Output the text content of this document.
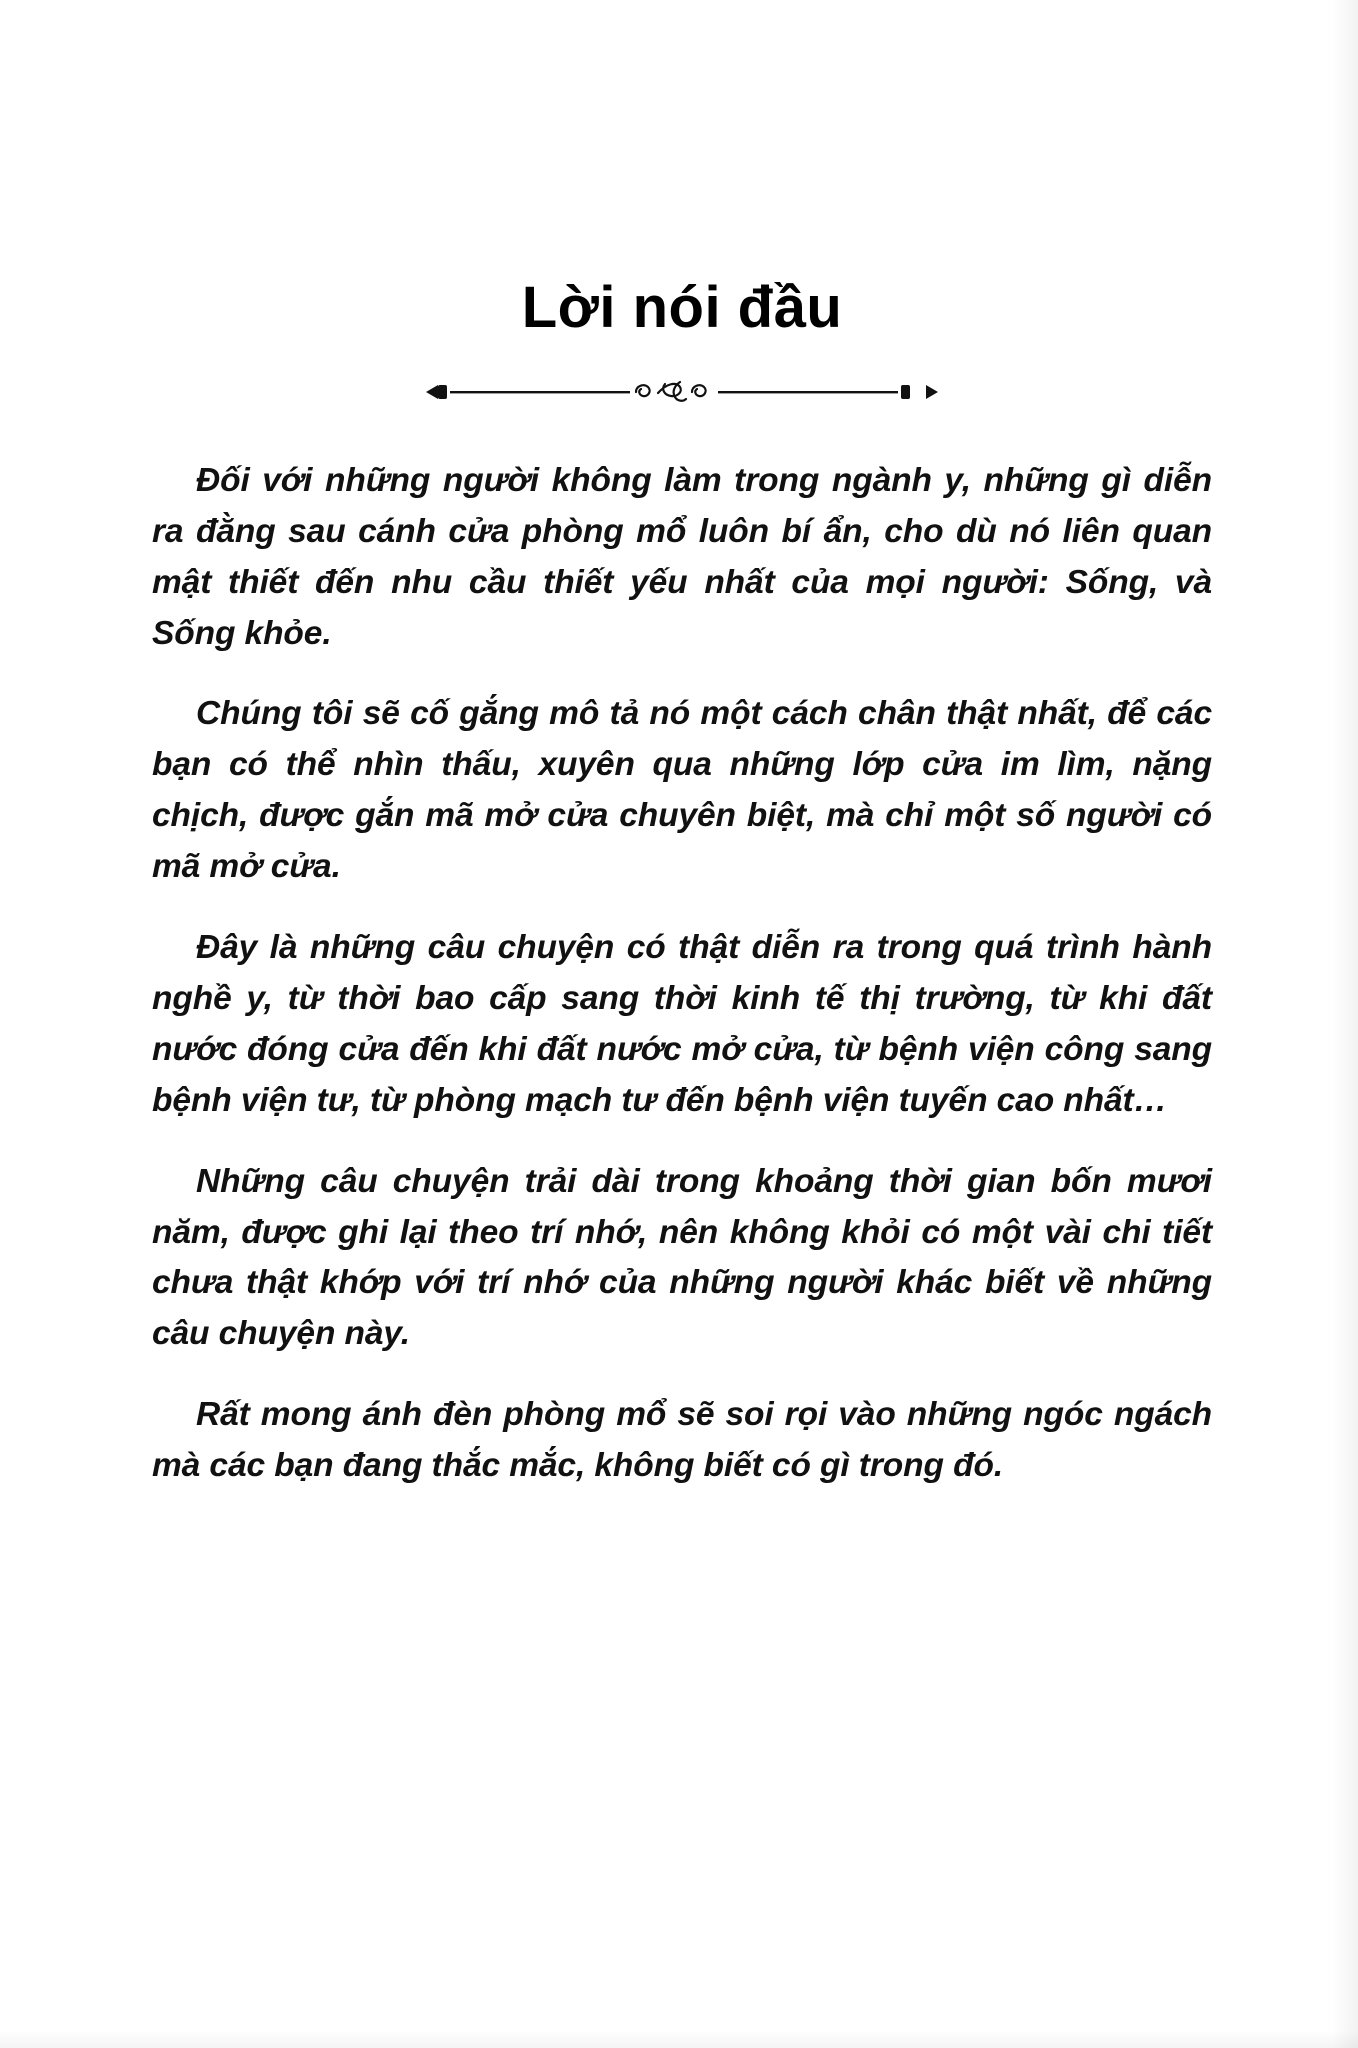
Lời nói đầu

Đối với những người không làm trong ngành y, những gì diễn ra đằng sau cánh cửa phòng mổ luôn bí ẩn, cho dù nó liên quan mật thiết đến nhu cầu thiết yếu nhất của mọi người: Sống, và Sống khỏe.

Chúng tôi sẽ cố gắng mô tả nó một cách chân thật nhất, để các bạn có thể nhìn thấu, xuyên qua những lớp cửa im lìm, nặng chịch, được gắn mã mở cửa chuyên biệt, mà chỉ một số người có mã mở cửa.

Đây là những câu chuyện có thật diễn ra trong quá trình hành nghề y, từ thời bao cấp sang thời kinh tế thị trường, từ khi đất nước đóng cửa đến khi đất nước mở cửa, từ bệnh viện công sang bệnh viện tư, từ phòng mạch tư đến bệnh viện tuyến cao nhất…

Những câu chuyện trải dài trong khoảng thời gian bốn mươi năm, được ghi lại theo trí nhớ, nên không khỏi có một vài chi tiết chưa thật khớp với trí nhớ của những người khác biết về những câu chuyện này.

Rất mong ánh đèn phòng mổ sẽ soi rọi vào những ngóc ngách mà các bạn đang thắc mắc, không biết có gì trong đó.
